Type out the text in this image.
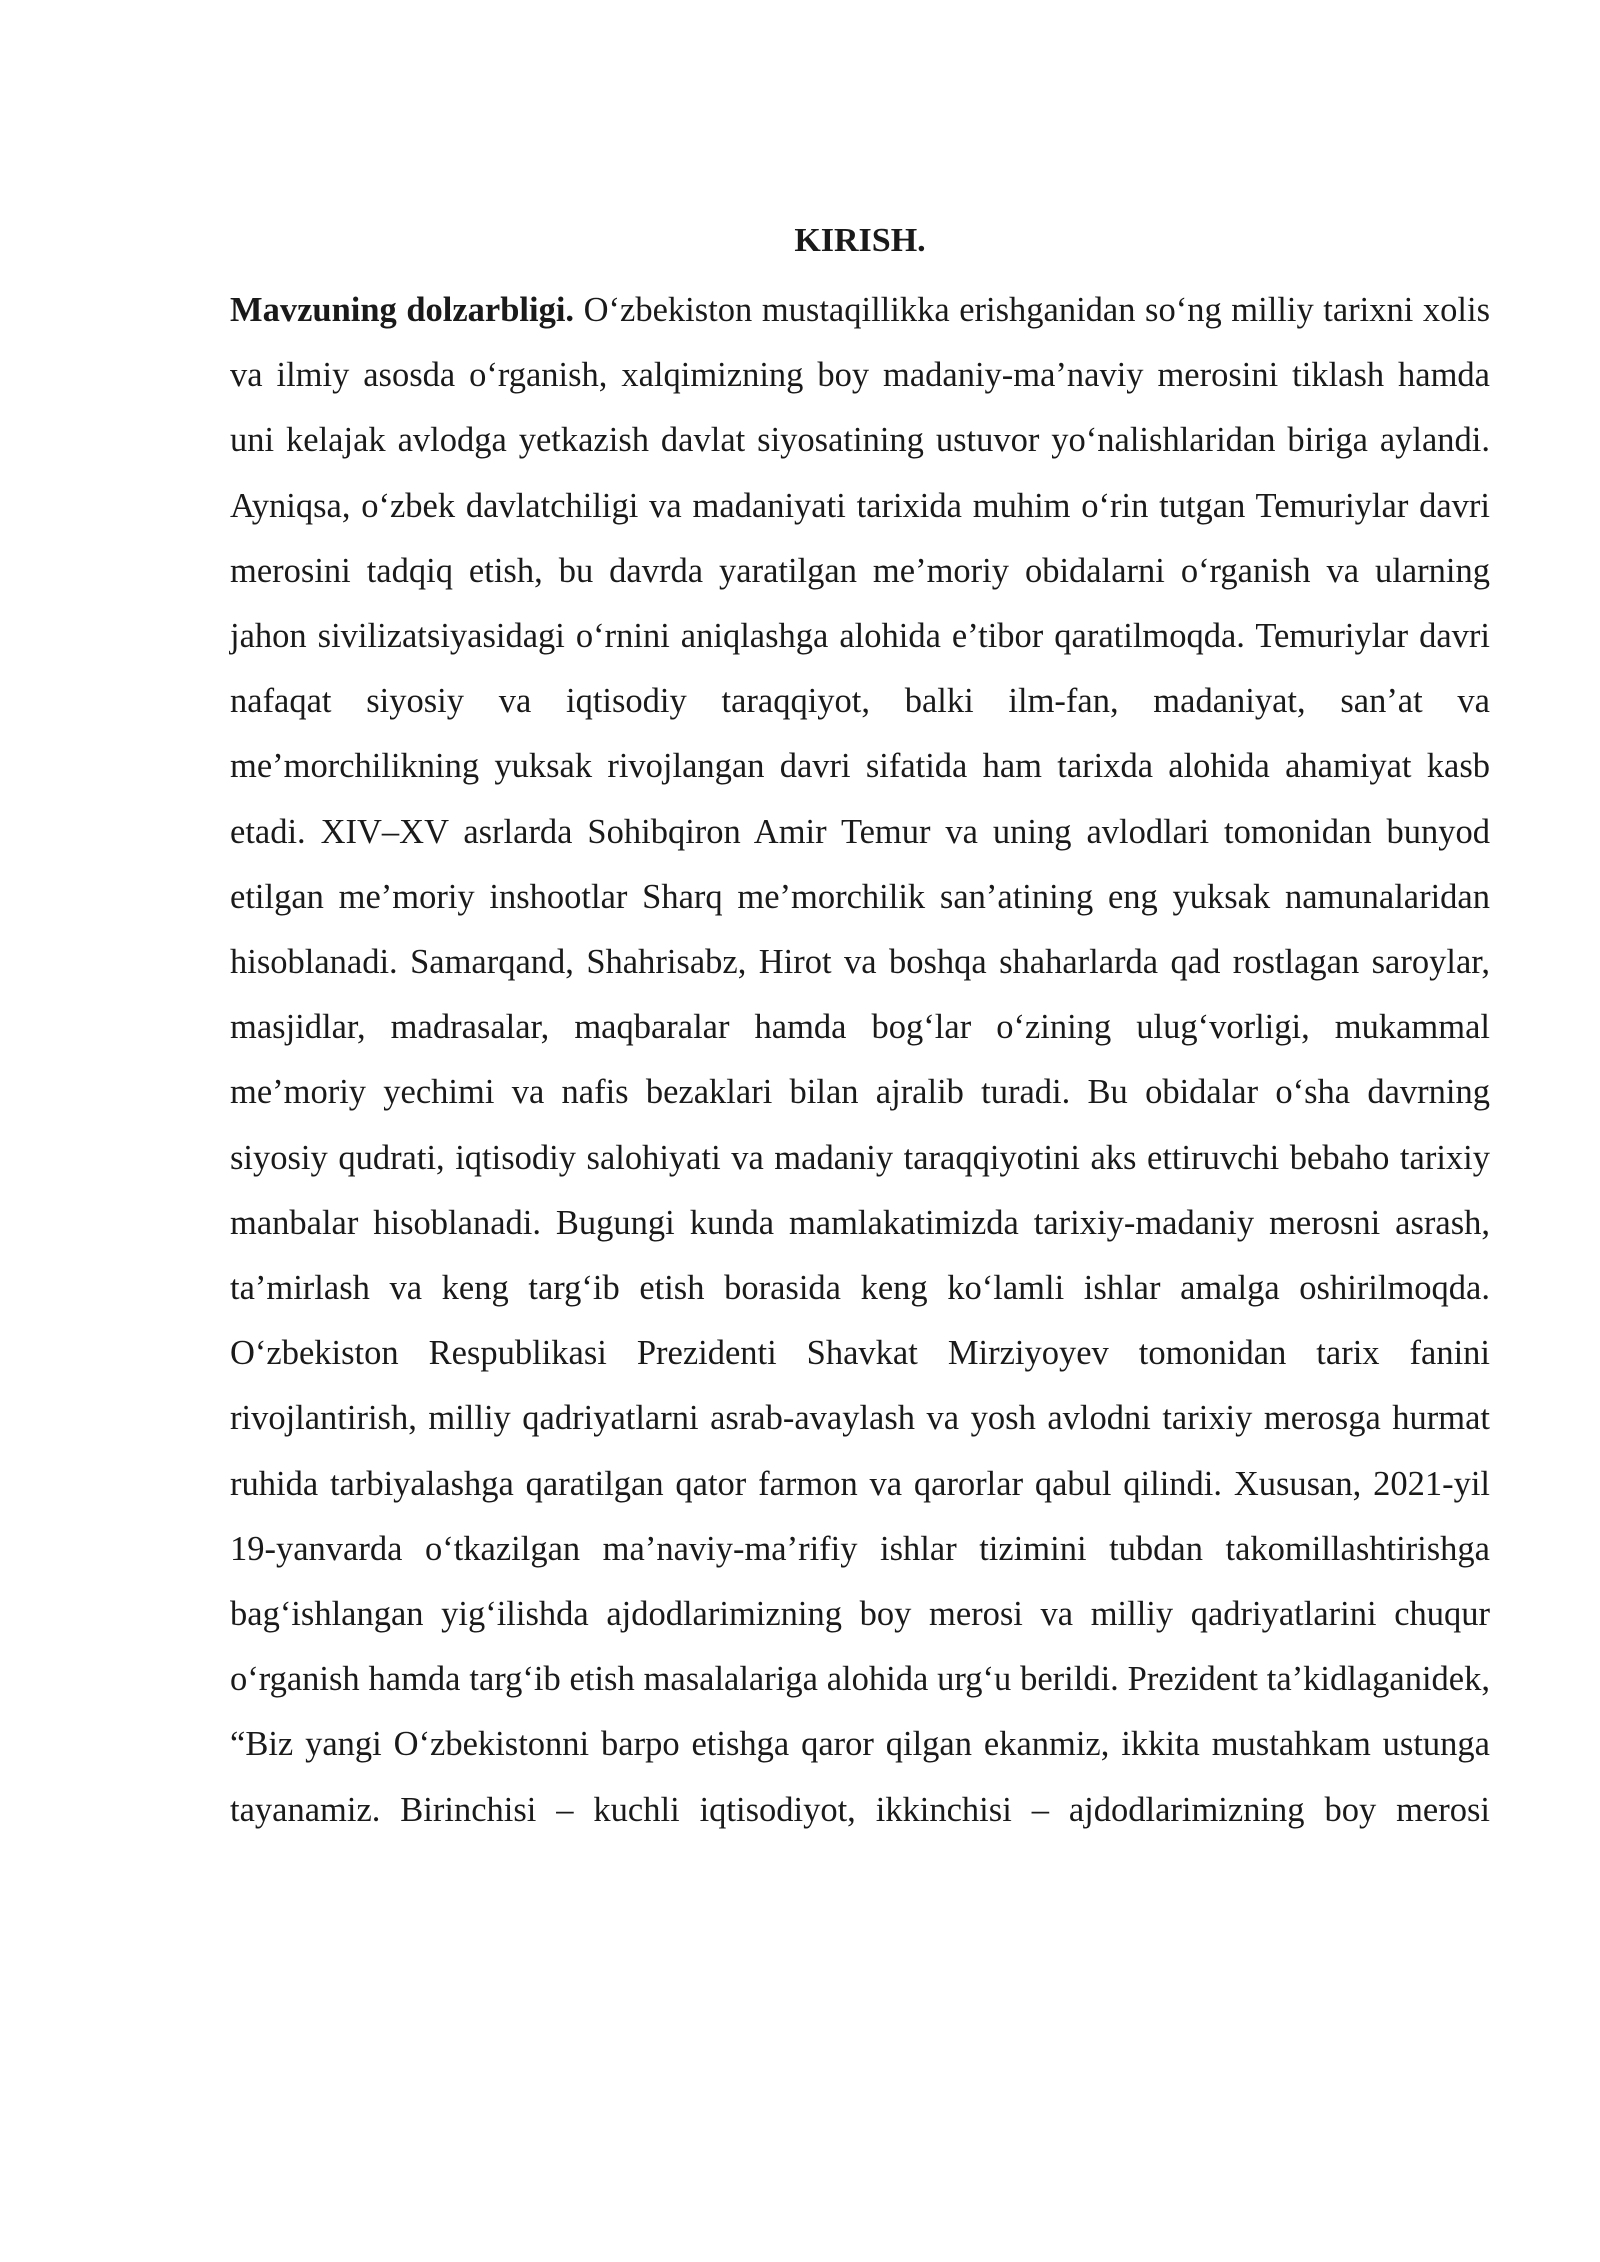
KIRISH.

Mavzuning dolzarbligi. O‘zbekiston mustaqillikka erishganidan so‘ng milliy tarixni xolis va ilmiy asosda o‘rganish, xalqimizning boy madaniy-ma’naviy merosini tiklash hamda uni kelajak avlodga yetkazish davlat siyosatining ustuvor yo‘nalishlaridan biriga aylandi. Ayniqsa, o‘zbek davlatchiligi va madaniyati tarixida muhim o‘rin tutgan Temuriylar davri merosini tadqiq etish, bu davrda yaratilgan me’moriy obidalarni o‘rganish va ularning jahon sivilizatsiyasidagi o‘rnini aniqlashga alohida e’tibor qaratilmoqda. Temuriylar davri nafaqat siyosiy va iqtisodiy taraqqiyot, balki ilm-fan, madaniyat, san’at va me’morchilikning yuksak rivojlangan davri sifatida ham tarixda alohida ahamiyat kasb etadi. XIV–XV asrlarda Sohibqiron Amir Temur va uning avlodlari tomonidan bunyod etilgan me’moriy inshootlar Sharq me’morchilik san’atining eng yuksak namunalaridan hisoblanadi. Samarqand, Shahrisabz, Hirot va boshqa shaharlarda qad rostlagan saroylar, masjidlar, madrasalar, maqbaralar hamda bog‘lar o‘zining ulug‘vorligi, mukammal me’moriy yechimi va nafis bezaklari bilan ajralib turadi. Bu obidalar o‘sha davrning siyosiy qudrati, iqtisodiy salohiyati va madaniy taraqqiyotini aks ettiruvchi bebaho tarixiy manbalar hisoblanadi. Bugungi kunda mamlakatimizda tarixiy-madaniy merosni asrash, ta’mirlash va keng targ‘ib etish borasida keng ko‘lamli ishlar amalga oshirilmoqda. O‘zbekiston Respublikasi Prezidenti Shavkat Mirziyoyev tomonidan tarix fanini rivojlantirish, milliy qadriyatlarni asrab-avaylash va yosh avlodni tarixiy merosga hurmat ruhida tarbiyalashga qaratilgan qator farmon va qarorlar qabul qilindi. Xususan, 2021-yil 19-yanvarda o‘tkazilgan ma’naviy-ma’rifiy ishlar tizimini tubdan takomillashtirishga bag‘ishlangan yig‘ilishda ajdodlarimizning boy merosi va milliy qadriyatlarini chuqur o‘rganish hamda targ‘ib etish masalalariga alohida urg‘u berildi. Prezident ta’kidlaganidek, “Biz yangi O‘zbekistonni barpo etishga qaror qilgan ekanmiz, ikkita mustahkam ustunga tayanamiz. Birinchisi – kuchli iqtisodiyot, ikkinchisi – ajdodlarimizning boy merosi
